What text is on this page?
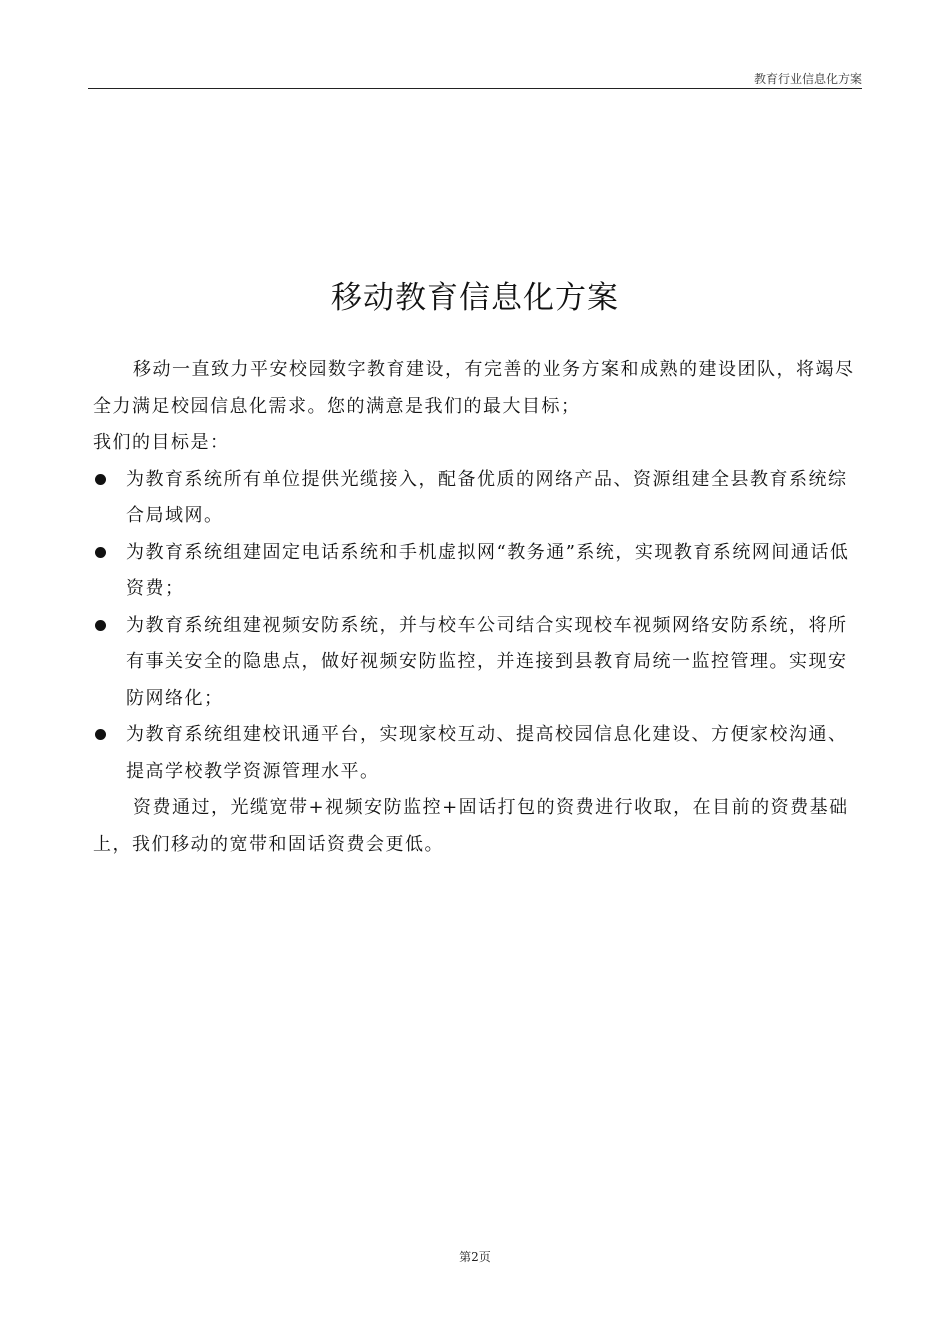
教育行业信息化方案
移动教育信息化方案

移动一直致力平安校园数字教育建设，有完善的业务方案和成熟的建设团队，将竭尽全力满足校园信息化需求。您的满意是我们的最大目标；

我们的目标是：

为教育系统所有单位提供光缆接入，配备优质的网络产品、资源组建全县教育系统综合局域网。
为教育系统组建固定电话系统和手机虚拟网“教务通”系统，实现教育系统网间通话低资费；
为教育系统组建视频安防系统，并与校车公司结合实现校车视频网络安防系统，将所有事关安全的隐患点，做好视频安防监控，并连接到县教育局统一监控管理。实现安防网络化；
为教育系统组建校讯通平台，实现家校互动、提高校园信息化建设、方便家校沟通、提高学校教学资源管理水平。

资费通过，光缆宽带+视频安防监控+固话打包的资费进行收取，在目前的资费基础上，我们移动的宽带和固话资费会更低。

第2页
